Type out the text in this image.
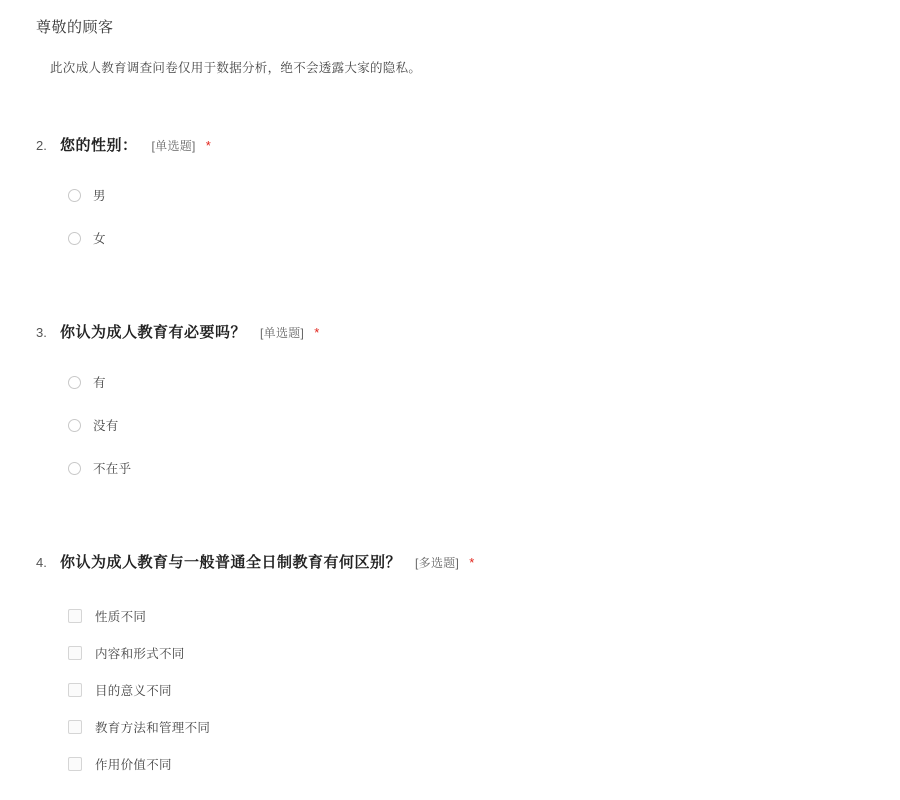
尊敬的顾客
此次成人教育调查问卷仅用于数据分析，绝不会透露大家的隐私。
2. 您的性别： [单选题] *
男
女
3. 你认为成人教育有必要吗？ [单选题] *
有
没有
不在乎
4. 你认为成人教育与一般普通全日制教育有何区别？ [多选题] *
性质不同
内容和形式不同
目的意义不同
教育方法和管理不同
作用价值不同
